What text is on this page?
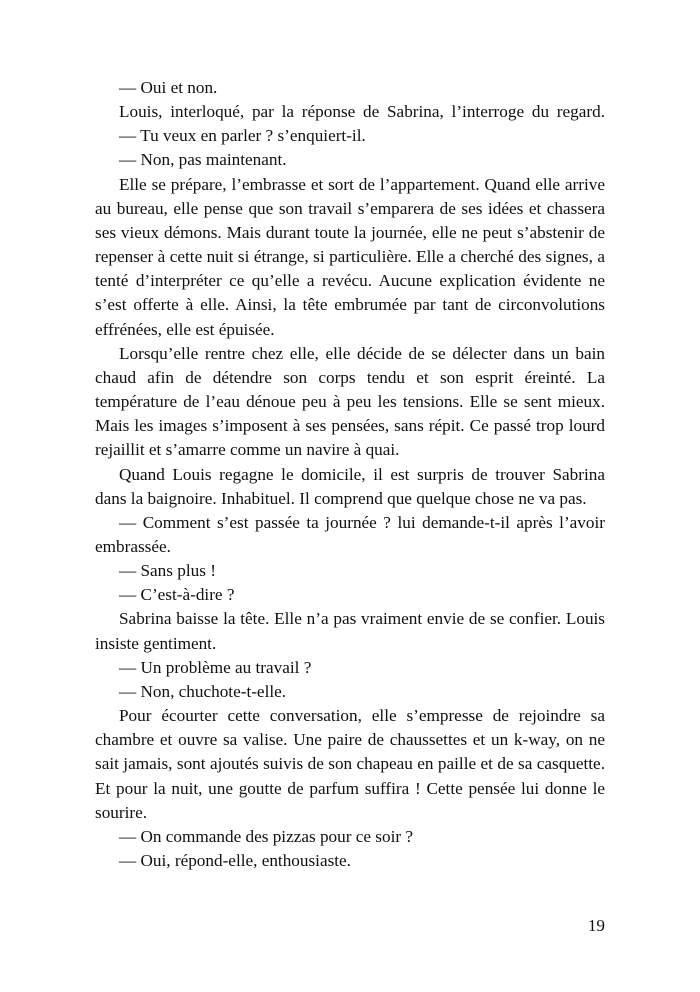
— Oui et non.

Louis, interloqué, par la réponse de Sabrina, l’interroge du regard.

— Tu veux en parler ? s’enquiert-il.

— Non, pas maintenant.

Elle se prépare, l’embrasse et sort de l’appartement. Quand elle arrive au bureau, elle pense que son travail s’emparera de ses idées et chassera ses vieux démons. Mais durant toute la journée, elle ne peut s’abstenir de repenser à cette nuit si étrange, si particulière. Elle a cherché des signes, a tenté d’interpréter ce qu’elle a revécu. Aucune explication évidente ne s’est offerte à elle. Ainsi, la tête embrumée par tant de circonvolutions effrénées, elle est épuisée.

Lorsqu’elle rentre chez elle, elle décide de se délecter dans un bain chaud afin de détendre son corps tendu et son esprit éreinté. La température de l’eau dénoue peu à peu les tensions. Elle se sent mieux. Mais les images s’imposent à ses pensées, sans répit. Ce passé trop lourd rejaillit et s’amarre comme un navire à quai.

Quand Louis regagne le domicile, il est surpris de trouver Sabrina dans la baignoire. Inhabituel. Il comprend que quelque chose ne va pas.

— Comment s’est passée ta journée ? lui demande-t-il après l’avoir embrassée.

— Sans plus !

— C’est-à-dire ?

Sabrina baisse la tête. Elle n’a pas vraiment envie de se confier. Louis insiste gentiment.

— Un problème au travail ?

— Non, chuchote-t-elle.

Pour écourter cette conversation, elle s’empresse de rejoindre sa chambre et ouvre sa valise. Une paire de chaussettes et un k-way, on ne sait jamais, sont ajoutés suivis de son chapeau en paille et de sa casquette. Et pour la nuit, une goutte de parfum suffira ! Cette pensée lui donne le sourire.

— On commande des pizzas pour ce soir ?

— Oui, répond-elle, enthousiaste.

19
